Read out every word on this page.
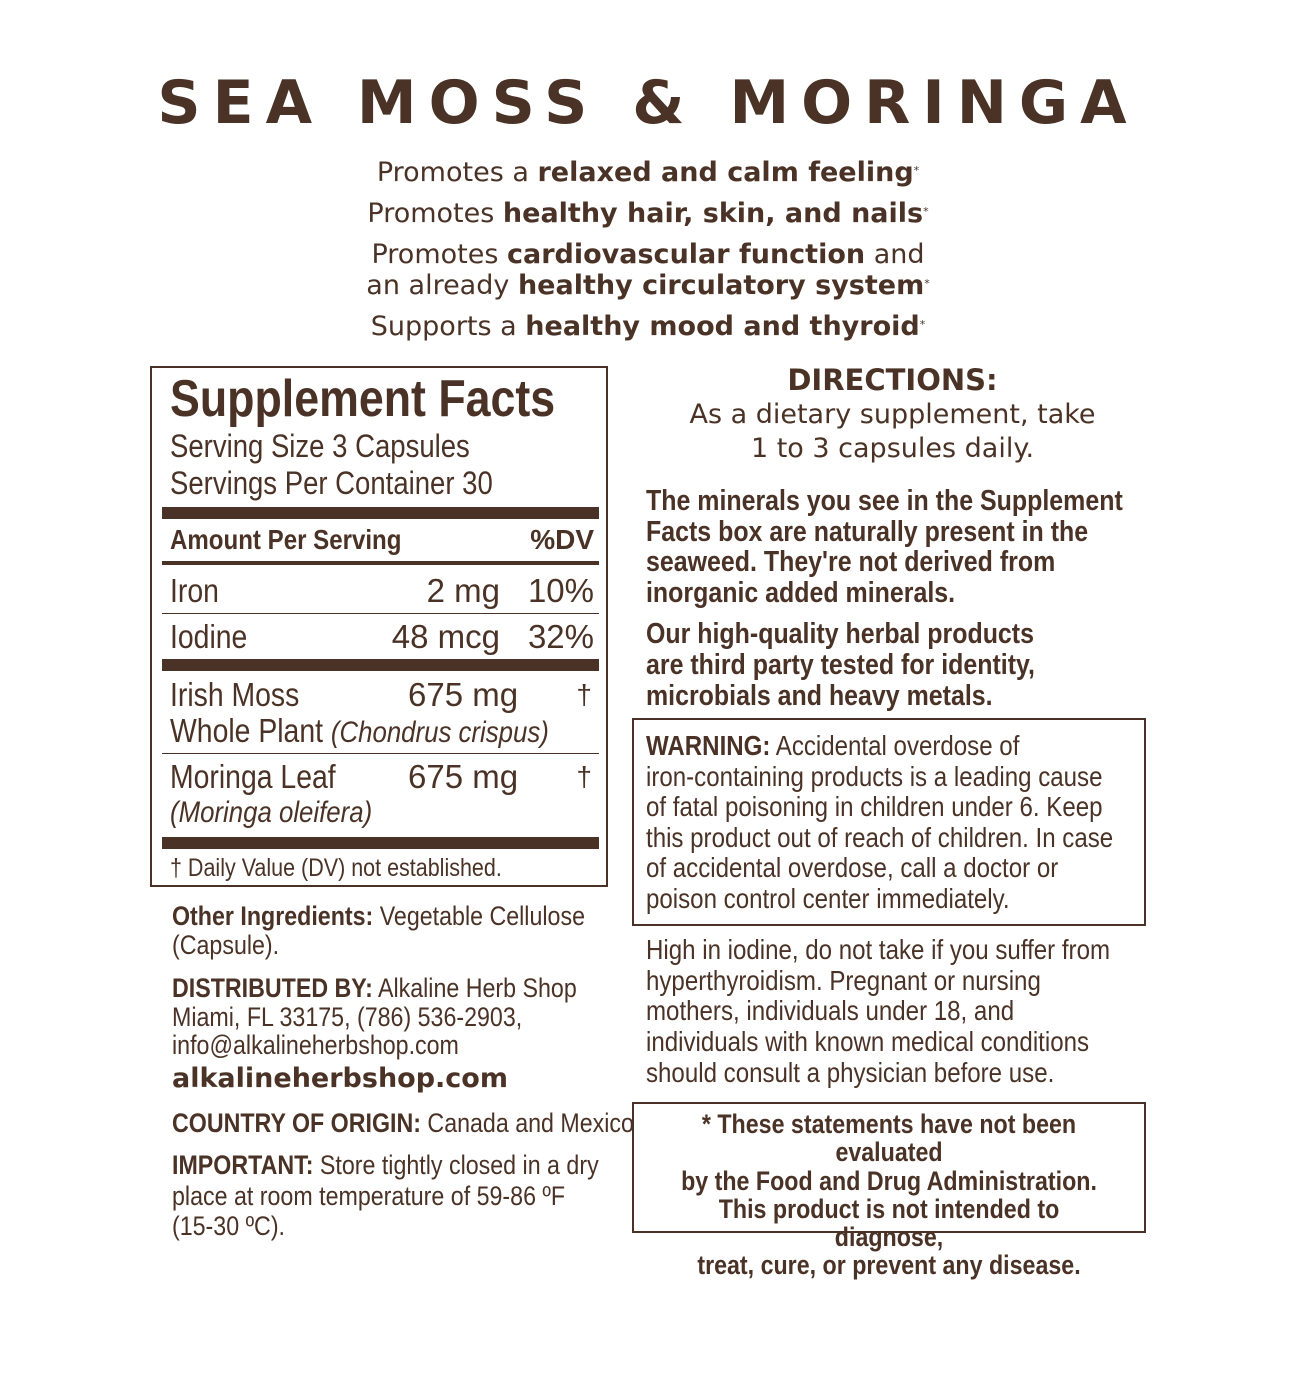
SEA MOSS & MORINGA
Promotes a relaxed and calm feeling*
Promotes healthy hair, skin, and nails*
Promotes cardiovascular function and
an already healthy circulatory system*
Supports a healthy mood and thyroid*
Supplement Facts
Serving Size 3 Capsules
Servings Per Container 30
Amount Per Serving	%DV
Iron	2 mg 10%
Iodine	48 mcg 32%
Irish Moss	675 mg †
Whole Plant (Chondrus crispus)
Moringa Leaf 675 mg †
(Moringa oleifera)
† Daily Value (DV) not established.
Other Ingredients: Vegetable Cellulose
(Capsule).
DISTRIBUTED BY: Alkaline Herb Shop
Miami, FL 33175, (786) 536-2903,
info@alkalineherbshop.com
alkalineherbshop.com
COUNTRY OF ORIGIN: Canada and Mexico
IMPORTANT: Store tightly closed in a dry
place at room temperature of 59-86 ºF
(15-30 ºC).
DIRECTIONS:
As a dietary supplement, take
1 to 3 capsules daily.
The minerals you see in the Supplement
Facts box are naturally present in the
seaweed. They're not derived from
inorganic added minerals.
Our high-quality herbal products
are third party tested for identity,
microbials and heavy metals.
WARNING: Accidental overdose of
iron-containing products is a leading cause
of fatal poisoning in children under 6. Keep
this product out of reach of children. In case
of accidental overdose, call a doctor or
poison control center immediately.
High in iodine, do not take if you suffer from
hyperthyroidism. Pregnant or nursing
mothers, individuals under 18, and
individuals with known medical conditions
should consult a physician before use.
* These statements have not been evaluated
by the Food and Drug Administration.
This product is not intended to diagnose,
treat, cure, or prevent any disease.
